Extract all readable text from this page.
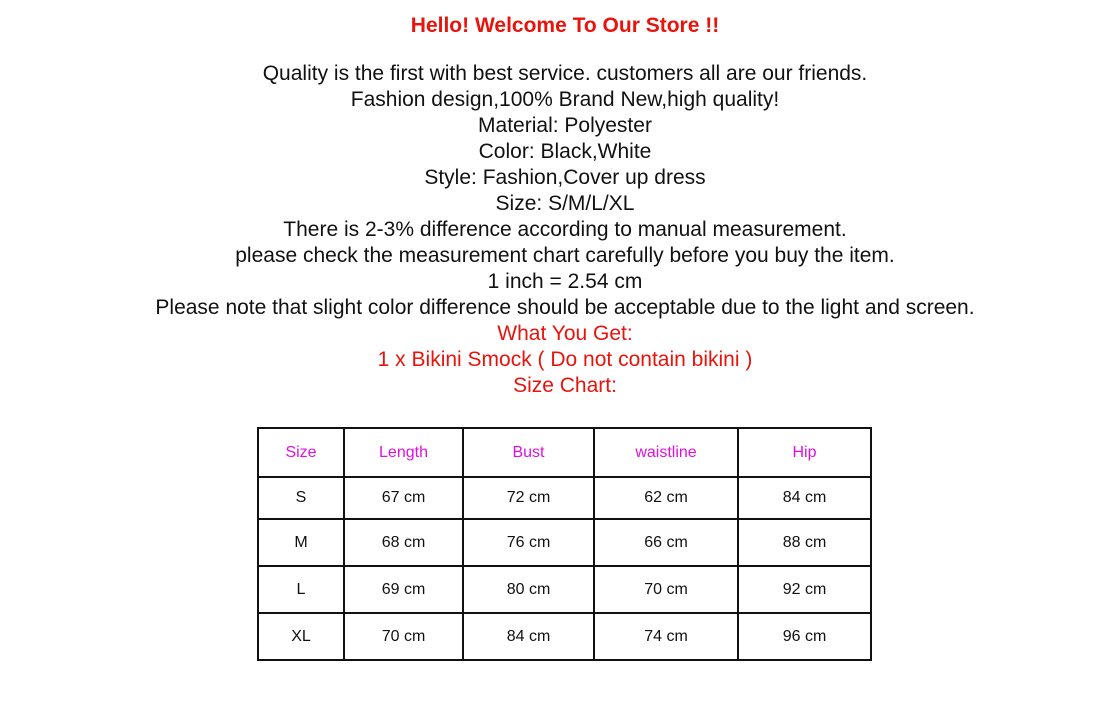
Hello! Welcome To Our Store !!
Quality is the first with best service. customers all are our friends.
Fashion design,100% Brand New,high quality!
Material: Polyester
Color: Black,White
Style: Fashion,Cover up dress
Size: S/M/L/XL
There is 2-3% difference according to manual measurement.
please check the measurement chart carefully before you buy the item.
1 inch = 2.54 cm
Please note that slight color difference should be acceptable due to the light and screen.
What You Get:
1 x Bikini Smock ( Do not contain bikini )
Size Chart:
Size	Length	Bust	waistline	Hip
S	67 cm	72 cm	62 cm	84 cm
M	68 cm	76 cm	66 cm	88 cm
L	69 cm	80 cm	70 cm	92 cm
XL	70 cm	84 cm	74 cm	96 cm
